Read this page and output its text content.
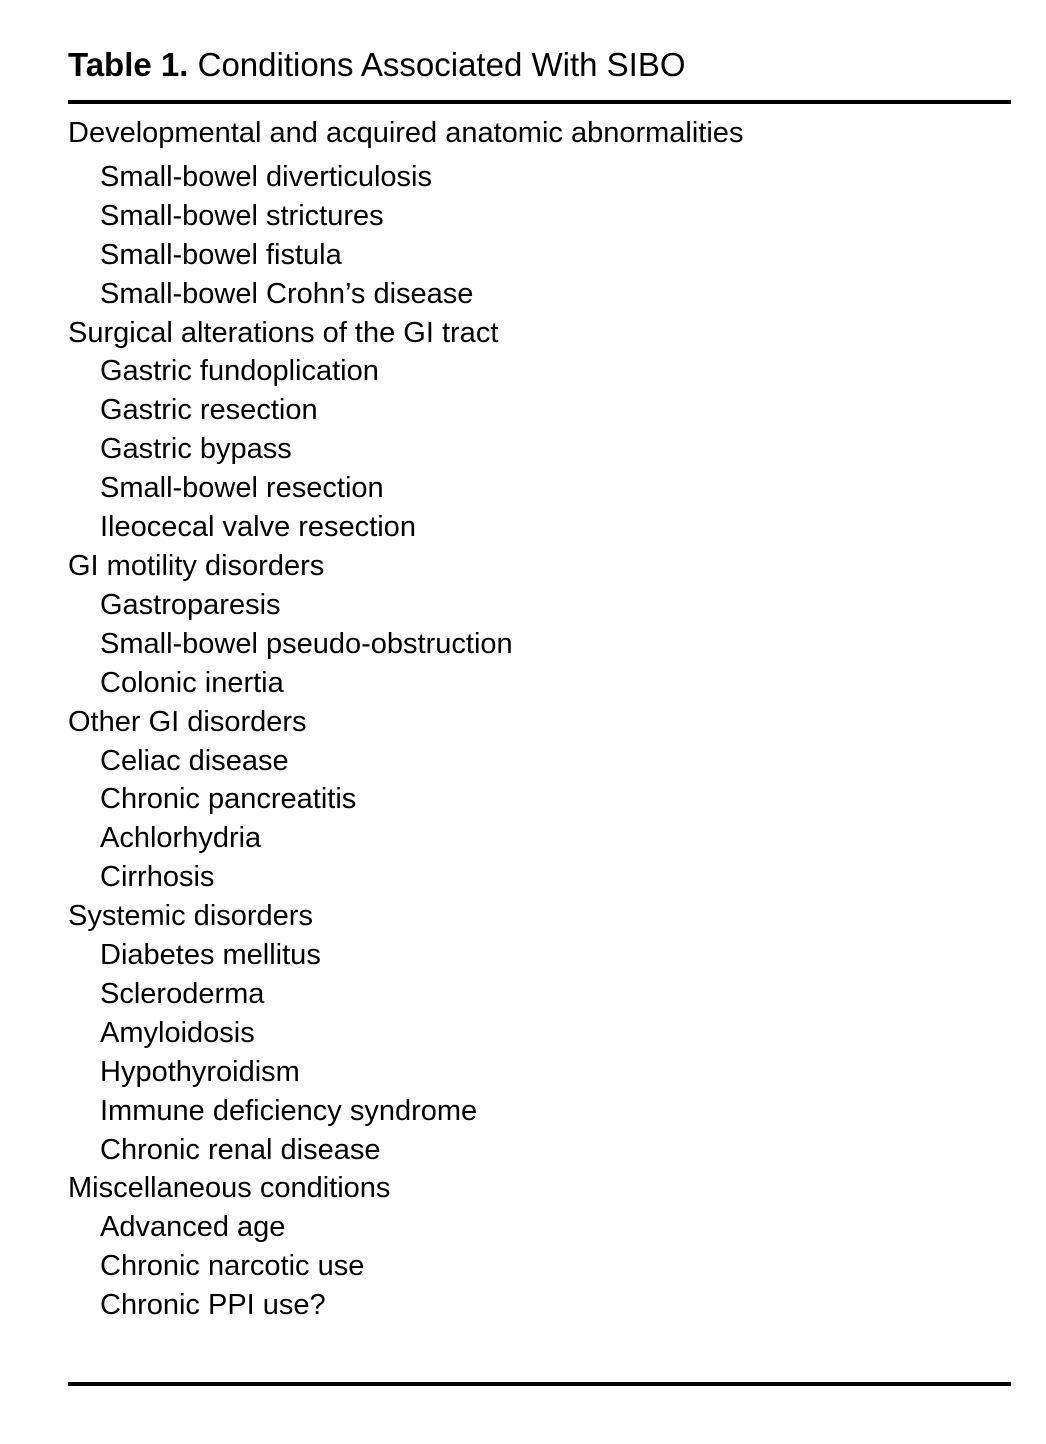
Table 1. Conditions Associated With SIBO
Developmental and acquired anatomic abnormalities
Small-bowel diverticulosis
Small-bowel strictures
Small-bowel fistula
Small-bowel Crohn’s disease
Surgical alterations of the GI tract
Gastric fundoplication
Gastric resection
Gastric bypass
Small-bowel resection
Ileocecal valve resection
GI motility disorders
Gastroparesis
Small-bowel pseudo-obstruction
Colonic inertia
Other GI disorders
Celiac disease
Chronic pancreatitis
Achlorhydria
Cirrhosis
Systemic disorders
Diabetes mellitus
Scleroderma
Amyloidosis
Hypothyroidism
Immune deficiency syndrome
Chronic renal disease
Miscellaneous conditions
Advanced age
Chronic narcotic use
Chronic PPI use?
